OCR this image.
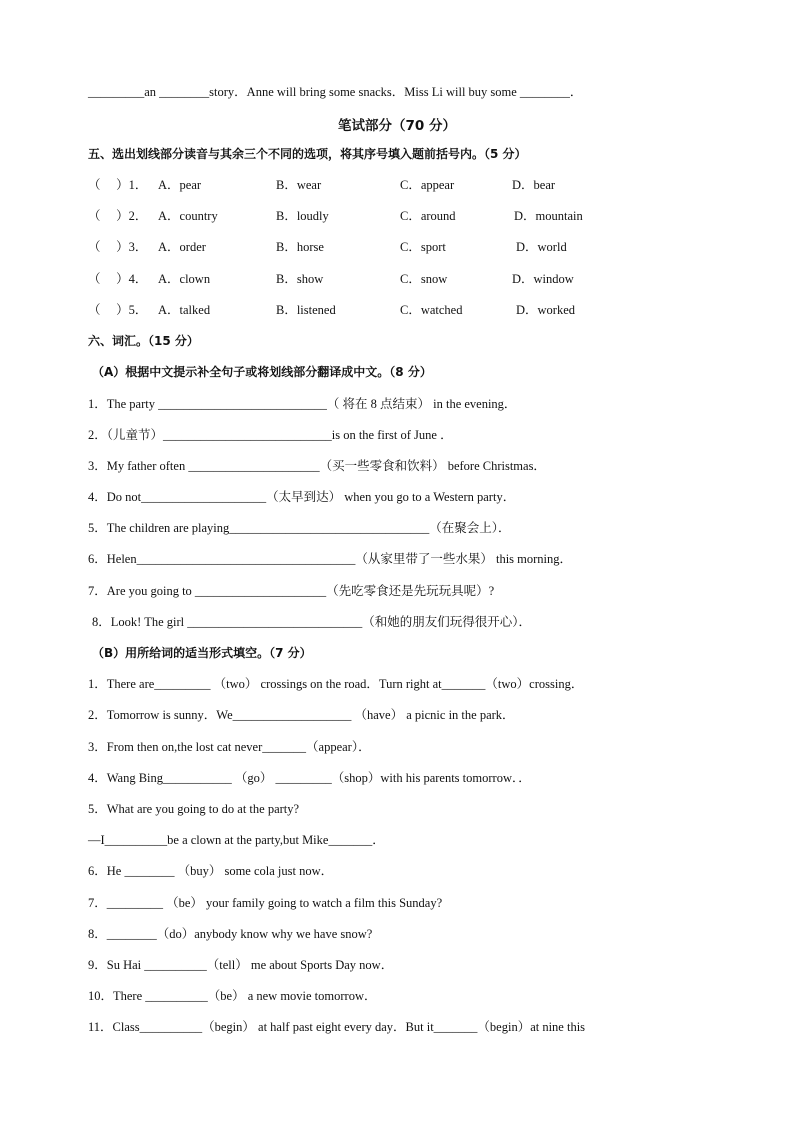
_________an ________story．Anne will bring some snacks．Miss Li will buy some ________．
笔试部分（70 分）
五、选出划线部分读音与其余三个不同的选项，将其序号填入题前括号内。（5 分）
（　 ）1． A．pear	B．wear	C．appear	D．bear
（　 ）2． A．country	B．loudly	C．around	D．mountain
（　 ）3． A．order	B．horse	C．sport	D．world
（　 ）4． A．clown	B．show	C．snow	D．window
（　 ）5． A．talked	B．listened	C．watched	D．worked
六、词汇。（15 分）
（A）根据中文提示补全句子或将划线部分翻译成中文。（8 分）
1．The party ___________________________（ 将在 8 点结束） in the evening．
2．（儿童节）___________________________is on the first of June ．
3．My father often _____________________（买一些零食和饮料） before Christmas．
4．Do not____________________（太早到达） when you go to a Western party．
5．The children are playing________________________________（在聚会上）．
6．Helen___________________________________（从家里带了一些水果） this morning．
7．Are you going to _____________________（先吃零食还是先玩玩具呢）?
8．Look! The girl ____________________________（和她的朋友们玩得很开心）．
（B）用所给词的适当形式填空。（7 分）
1．There are_________ （two） crossings on the road．Turn right at_______（two）crossing．
2．Tomorrow is sunny．We___________________ （have） a picnic in the park．
3．From then on,the lost cat never_______（appear）．
4．Wang Bing___________ （go） _________（shop）with his parents tomorrow．．
5．What are you going to do at the party?
—I__________be a clown at the party,but Mike_______．
6．He ________ （buy） some cola just now．
7．_________ （be） your family going to watch a film this Sunday?
8．________（do）anybody know why we have snow?
9．Su Hai __________（tell） me about Sports Day now．
10．There __________（be） a new movie tomorrow．
11．Class__________（begin） at half past eight every day．But it_______（begin）at nine this
